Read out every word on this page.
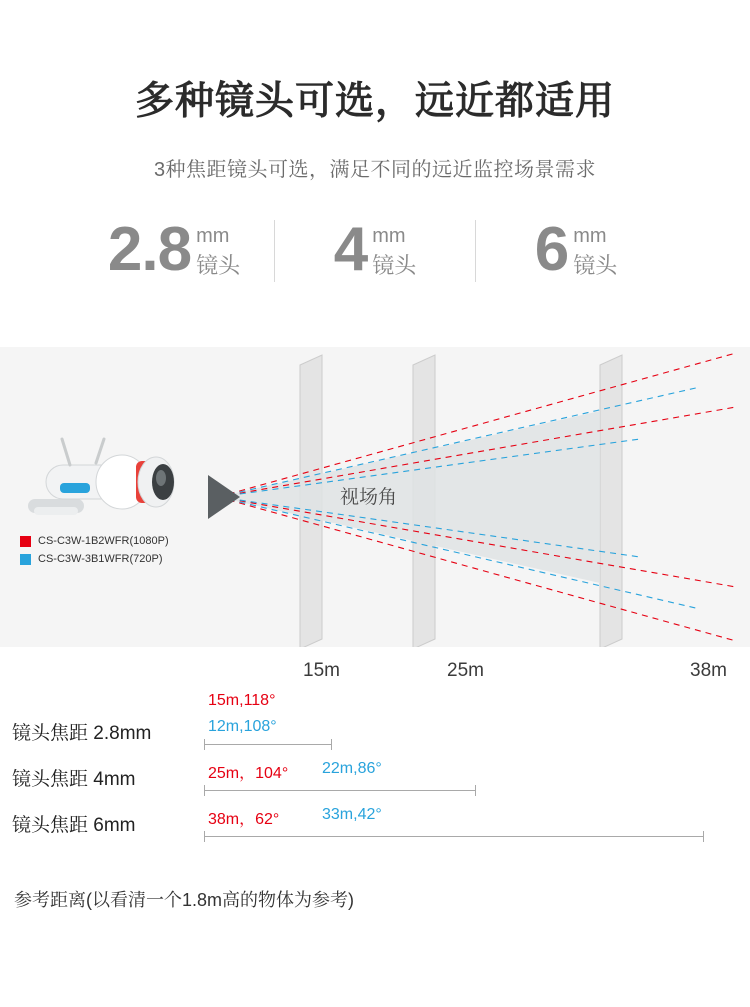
多种镜头可选，远近都适用
3种焦距镜头可选，满足不同的远近监控场景需求
2.8 mm
镜头 4 mm
镜头 6 mm
镜头
视场角
CS-C3W-1B2WFR(1080P)
CS-C3W-3B1WFR(720P)
15m	25m	38m
镜头焦距 2.8mm
15m,118°
12m,108°
镜头焦距 4mm	25m，104° 22m,86°
镜头焦距 6mm	38m，62°	33m,42°
参考距离(以看清一个1.8m高的物体为参考)
